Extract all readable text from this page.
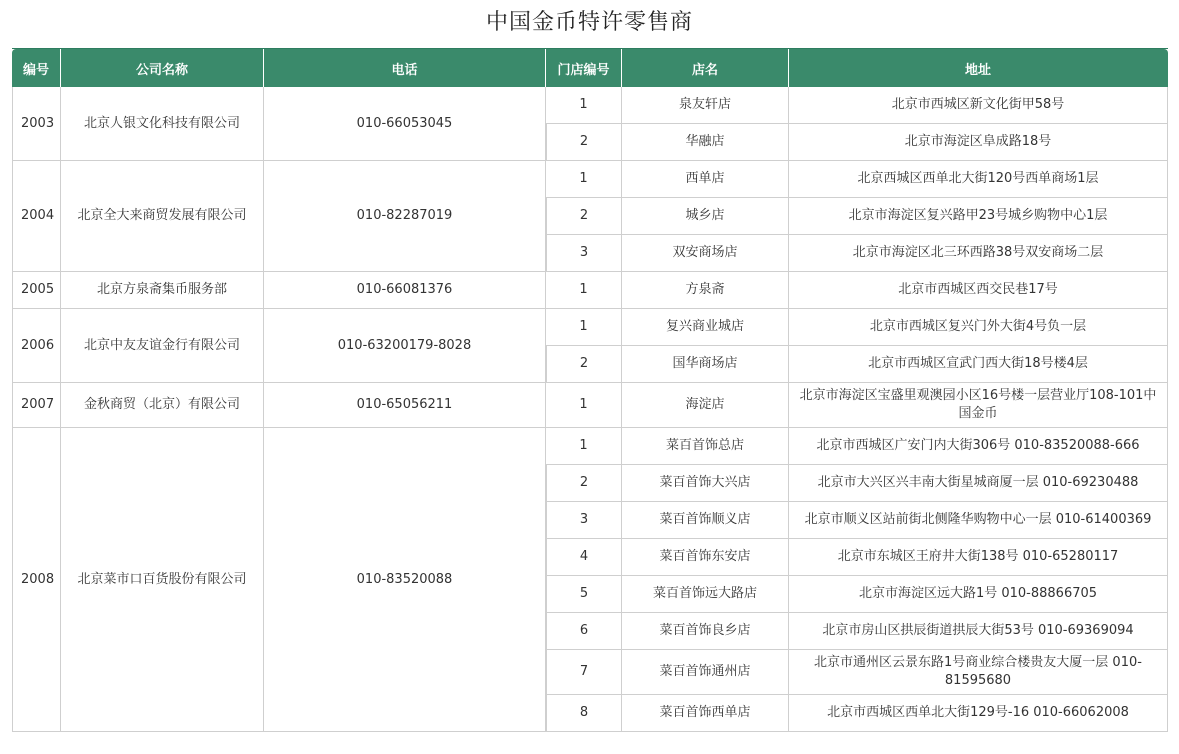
中国金币特许零售商
编号	公司名称	电话	门店编号	店名	地址
2003	北京人银文化科技有限公司	010-66053045	1	泉友轩店	北京市西城区新文化街甲58号
			2	华融店	北京市海淀区阜成路18号
2004	北京全大来商贸发展有限公司	010-82287019	1	西单店	北京西城区西单北大街120号西单商场1层
			2	城乡店	北京市海淀区复兴路甲23号城乡购物中心1层
			3	双安商场店	北京市海淀区北三环西路38号双安商场二层
2005	北京方泉斋集币服务部	010-66081376	1	方泉斋	北京市西城区西交民巷17号
2006	北京中友友谊金行有限公司	010-63200179-8028	1	复兴商业城店	北京市西城区复兴门外大街4号负一层
			2	国华商场店	北京市西城区宣武门西大街18号楼4层
2007	金秋商贸（北京）有限公司	010-65056211	1	海淀店	北京市海淀区宝盛里观澳园小区16号楼一层营业厅108-101中国金币
2008	北京菜市口百货股份有限公司	010-83520088	1	菜百首饰总店	北京市西城区广安门内大街306号 010-83520088-666
			2	菜百首饰大兴店	北京市大兴区兴丰南大街星城商厦一层 010-69230488
			3	菜百首饰顺义店	北京市顺义区站前街北侧隆华购物中心一层 010-61400369
			4	菜百首饰东安店	北京市东城区王府井大街138号 010-65280117
			5	菜百首饰远大路店	北京市海淀区远大路1号 010-88866705
			6	菜百首饰良乡店	北京市房山区拱辰街道拱辰大街53号 010-69369094
			7	菜百首饰通州店	北京市通州区云景东路1号商业综合楼贵友大厦一层 010-81595680
			8	菜百首饰西单店	北京市西城区西单北大街129号-16 010-66062008
